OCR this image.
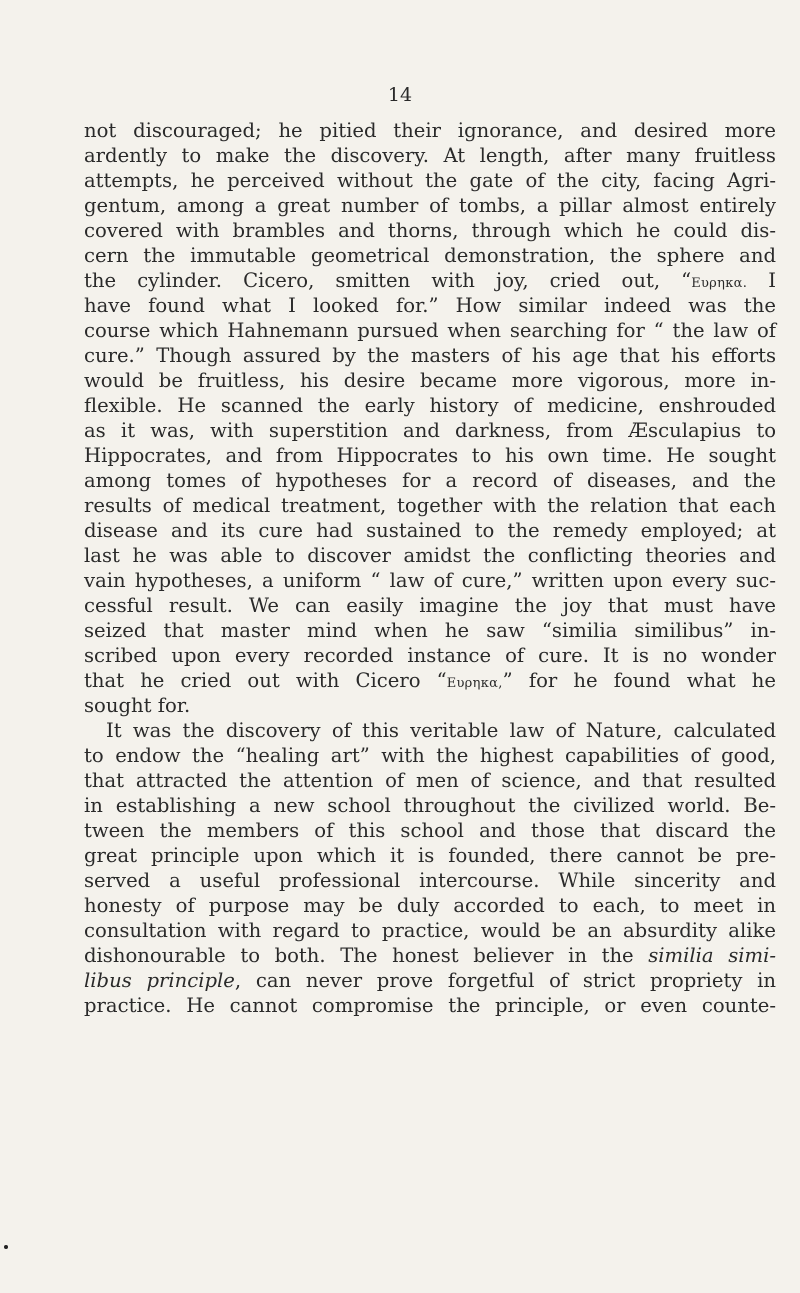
14
not discouraged; he pitied their ignorance, and desired more
ardently to make the discovery. At length, after many fruitless
attempts, he perceived without the gate of the city, facing Agri-
gentum, among a great number of tombs, a pillar almost entirely
covered with brambles and thorns, through which he could dis-
cern the immutable geometrical demonstration, the sphere and
the cylinder. Cicero, smitten with joy, cried out, “Ευρηκα. I
have found what I looked for.” How similar indeed was the
course which Hahnemann pursued when searching for “ the law of
cure.” Though assured by the masters of his age that his efforts
would be fruitless, his desire became more vigorous, more in-
flexible. He scanned the early history of medicine, enshrouded
as it was, with superstition and darkness, from Æsculapius to
Hippocrates, and from Hippocrates to his own time. He sought
among tomes of hypotheses for a record of diseases, and the
results of medical treatment, together with the relation that each
disease and its cure had sustained to the remedy employed; at
last he was able to discover amidst the conflicting theories and
vain hypotheses, a uniform “ law of cure,” written upon every suc-
cessful result. We can easily imagine the joy that must have
seized that master mind when he saw “similia similibus” in-
scribed upon every recorded instance of cure. It is no wonder
that he cried out with Cicero “Ευρηκα,” for he found what he
sought for.
It was the discovery of this veritable law of Nature, calculated
to endow the “healing art” with the highest capabilities of good,
that attracted the attention of men of science, and that resulted
in establishing a new school throughout the civilized world. Be-
tween the members of this school and those that discard the
great principle upon which it is founded, there cannot be pre-
served a useful professional intercourse. While sincerity and
honesty of purpose may be duly accorded to each, to meet in
consultation with regard to practice, would be an absurdity alike
dishonourable to both. The honest believer in the similia simi-
libus principle, can never prove forgetful of strict propriety in
practice. He cannot compromise the principle, or even counte-
